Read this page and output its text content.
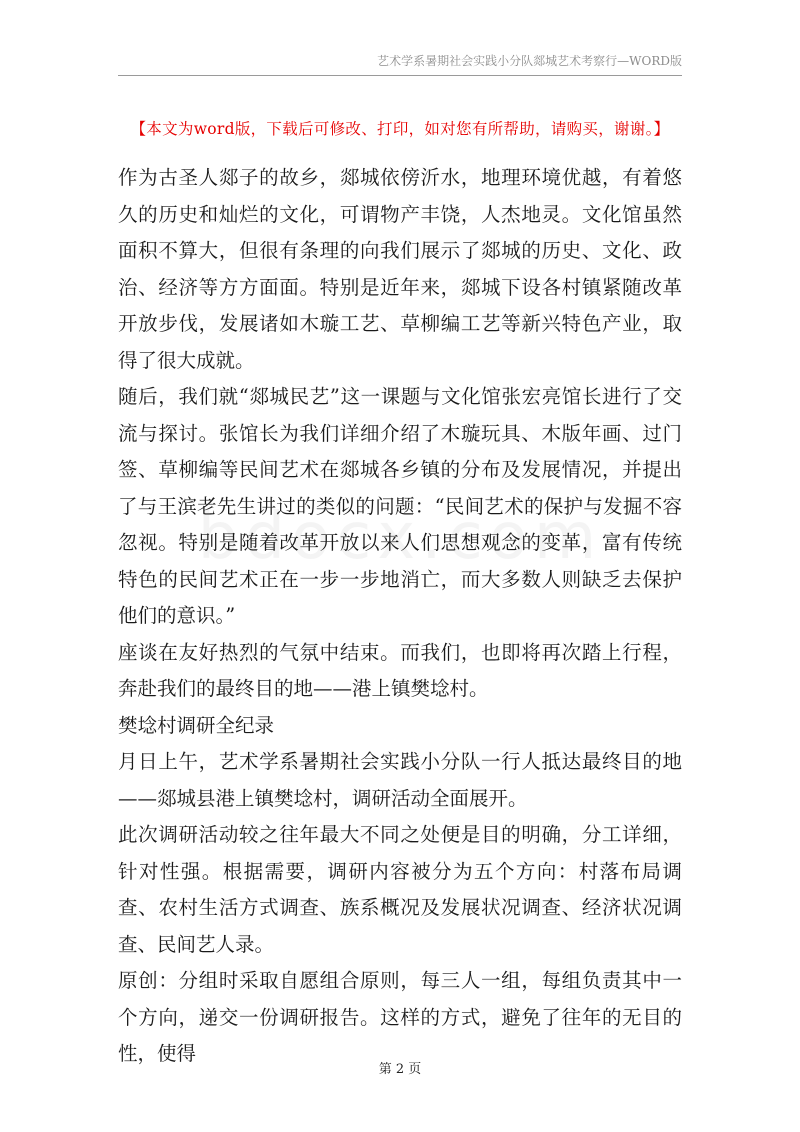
艺术学系暑期社会实践小分队郯城艺术考察行—WORD版
【本文为word版，下载后可修改、打印，如对您有所帮助，请购买，谢谢。】

作为古圣人郯子的故乡，郯城依傍沂水，地理环境优越，有着悠久的历史和灿烂的文化，可谓物产丰饶，人杰地灵。文化馆虽然面积不算大，但很有条理的向我们展示了郯城的历史、文化、政治、经济等方方面面。特别是近年来，郯城下设各村镇紧随改革开放步伐，发展诸如木璇工艺、草柳编工艺等新兴特色产业，取得了很大成就。

随后，我们就“郯城民艺”这一课题与文化馆张宏亮馆长进行了交流与探讨。张馆长为我们详细介绍了木璇玩具、木版年画、过门签、草柳编等民间艺术在郯城各乡镇的分布及发展情况，并提出了与王滨老先生讲过的类似的问题：“民间艺术的保护与发掘不容忽视。特别是随着改革开放以来人们思想观念的变革，富有传统特色的民间艺术正在一步一步地消亡，而大多数人则缺乏去保护他们的意识。”

座谈在友好热烈的气氛中结束。而我们，也即将再次踏上行程，奔赴我们的最终目的地——港上镇樊埝村。

樊埝村调研全纪录

月日上午，艺术学系暑期社会实践小分队一行人抵达最终目的地——郯城县港上镇樊埝村，调研活动全面展开。

此次调研活动较之往年最大不同之处便是目的明确，分工详细，针对性强。根据需要，调研内容被分为五个方向：村落布局调查、农村生活方式调查、族系概况及发展状况调查、经济状况调查、民间艺人录。

原创：分组时采取自愿组合原则，每三人一组，每组负责其中一个方向，递交一份调研报告。这样的方式，避免了往年的无目的性，使得

第 2 页
